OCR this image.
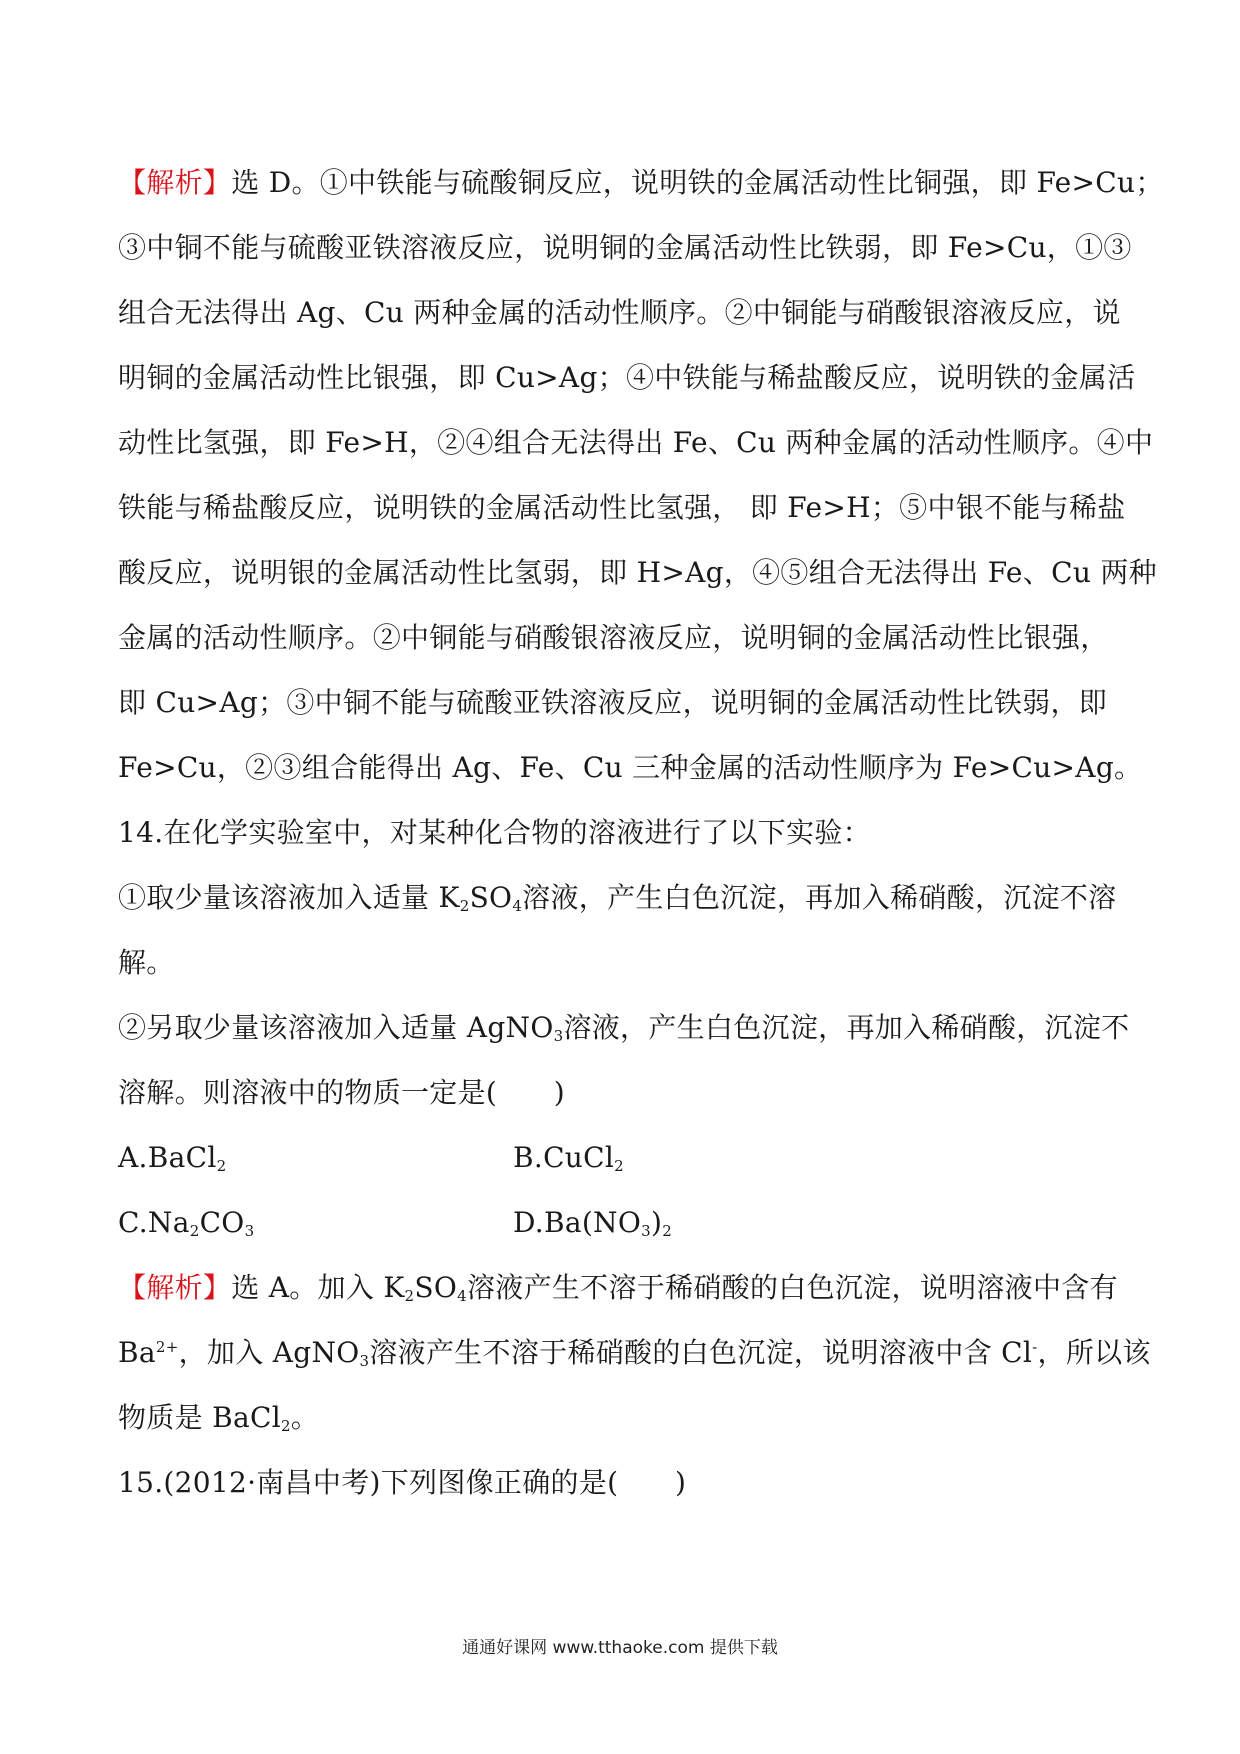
【解析】选 D。①中铁能与硫酸铜反应，说明铁的金属活动性比铜强，即 Fe>Cu；
③中铜不能与硫酸亚铁溶液反应，说明铜的金属活动性比铁弱，即 Fe>Cu，①③
组合无法得出 Ag、Cu 两种金属的活动性顺序。②中铜能与硝酸银溶液反应，说
明铜的金属活动性比银强，即 Cu>Ag；④中铁能与稀盐酸反应，说明铁的金属活
动性比氢强，即 Fe>H，②④组合无法得出 Fe、Cu 两种金属的活动性顺序。④中
铁能与稀盐酸反应，说明铁的金属活动性比氢强， 即 Fe>H；⑤中银不能与稀盐
酸反应，说明银的金属活动性比氢弱，即 H>Ag，④⑤组合无法得出 Fe、Cu 两种
金属的活动性顺序。②中铜能与硝酸银溶液反应，说明铜的金属活动性比银强，
即 Cu>Ag；③中铜不能与硫酸亚铁溶液反应，说明铜的金属活动性比铁弱，即
Fe>Cu，②③组合能得出 Ag、Fe、Cu 三种金属的活动性顺序为 Fe>Cu>Ag。
14.在化学实验室中，对某种化合物的溶液进行了以下实验：
①取少量该溶液加入适量 $K_2SO_4$溶液，产生白色沉淀，再加入稀硝酸，沉淀不溶
解。
②另取少量该溶液加入适量 AgNO$_3$溶液，产生白色沉淀，再加入稀硝酸，沉淀不
溶解。则溶液中的物质一定是(　　)
A.BaCl$_2$	B.CuCl$_2$
$C.Na_2CO_3$	$D.Ba(NO_3)_2$
【解析】选 A。加入 $K_2SO_4$溶液产生不溶于稀硝酸的白色沉淀，说明溶液中含有
$Ba^{2+}$，加入 AgNO$_3$溶液产生不溶于稀硝酸的白色沉淀，说明溶液中含 Cl-，所以该
物质是 BaCl$_2$。
15.(2012·南昌中考)下列图像正确的是(　　)
通通好课网 www.tthaoke.com 提供下载
